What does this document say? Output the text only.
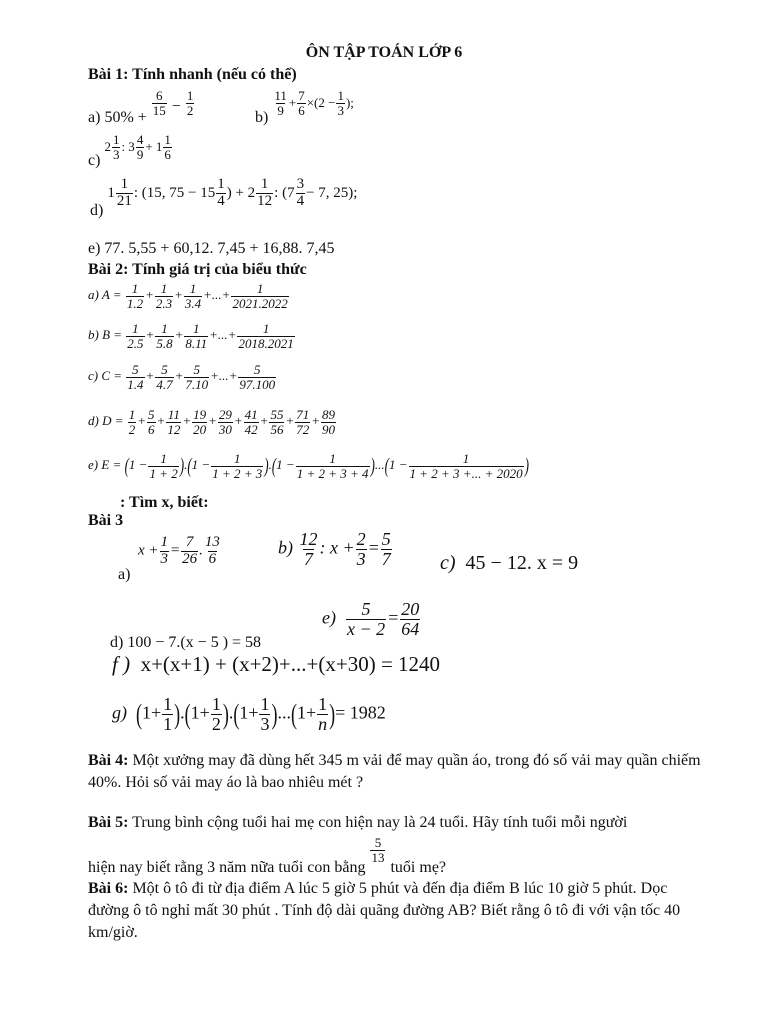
ÔN TẬP TOÁN LỚP 6
Bài 1: Tính nhanh (nếu có thể)
a) 50% +
$\frac{6}{15} - \frac{1}{2}$
b)
$\frac{11}{9} + \frac{7}{6} \times(2 - \frac{1}{3}$ );
c) $2 \frac{1}{3}$ : $3 \frac{4}{9} + 1 \frac{1}{6}$
d) $1 \frac{1}{21}$ : (15, $75 - 15 \frac{1}{4}$ ) + $2 \frac{1}{12}$ : ($7 \frac{3}{4} - 7$, 25);
e) 77. 5,55 + 60,12. 7,45 + 16,88. 7,45
Bài 2: Tính giá trị của biểu thức
a) $A = \frac{1}{1.2} + \frac{1}{2.3} + \frac{1}{3.4}$ +...+ $\frac{1}{2021.2022}$
b) $B = \frac{1}{2.5} + \frac{1}{5.8} + \frac{1}{8.11}$ +...+ $\frac{1}{2018.2021}$
c) $C = \frac{5}{1.4} + \frac{5}{4.7} + \frac{5}{7.10}$ +...+ $\frac{5}{97.100}$
d) $D = \frac{1}{2} + \frac{5}{6} + \frac{11}{12} + \frac{19}{20} + \frac{29}{30} + \frac{41}{42} + \frac{55}{56} + \frac{71}{72} + \frac{89}{90}$
e) $E = (1 - \frac{1}{1 + 2} ).(1 - \frac{1}{1 + 2 + 3} ).(1 - \frac{1}{1 + 2 + 3 + 4} )...(1 - \frac{1}{1 + 2 + 3 +... + 2020}$ )
: Tìm x, biết:
Bài 3
a)
$x + \frac{1}{3} = \frac{7}{26}$ . $\frac{13}{6}$	$b) \frac{12}{7}$ : $x + \frac{2}{3} = \frac{5}{7} c$) 45 − 12. x = 9
d) 100 − 7.(x − 5 ) = 58
$e) \frac{5}{x - 2} = \frac{20}{64}$
f ) x+(x+1) + (x+2)+...+(x+30) = 1240
g) $(1+ \frac{1}{1} ).(1+ \frac{1}{2} ).(1+ \frac{1}{3} )...(1+ \frac{1}{n}$ )= 1982
Bài 4: Một xưởng may đã dùng hết 345 m vải để may quần áo, trong đó số vải may quần chiếm 40%. Hỏi số vải may áo là bao nhiêu mét ?
Bài 5: Trung bình cộng tuổi hai mẹ con hiện nay là 24 tuổi. Hãy tính tuổi mỗi người
hiện nay biết rằng 3 năm nữa tuổi con bằng
$\frac{5}{13}$
tuổi mẹ?
Bài 6: Một ô tô đi từ địa điểm A lúc 5 giờ 5 phút và đến địa điểm B lúc 10 giờ 5 phút. Dọc đường ô tô nghỉ mất 30 phút . Tính độ dài quãng đường AB? Biết rằng ô tô đi với vận tốc 40 km/giờ.
